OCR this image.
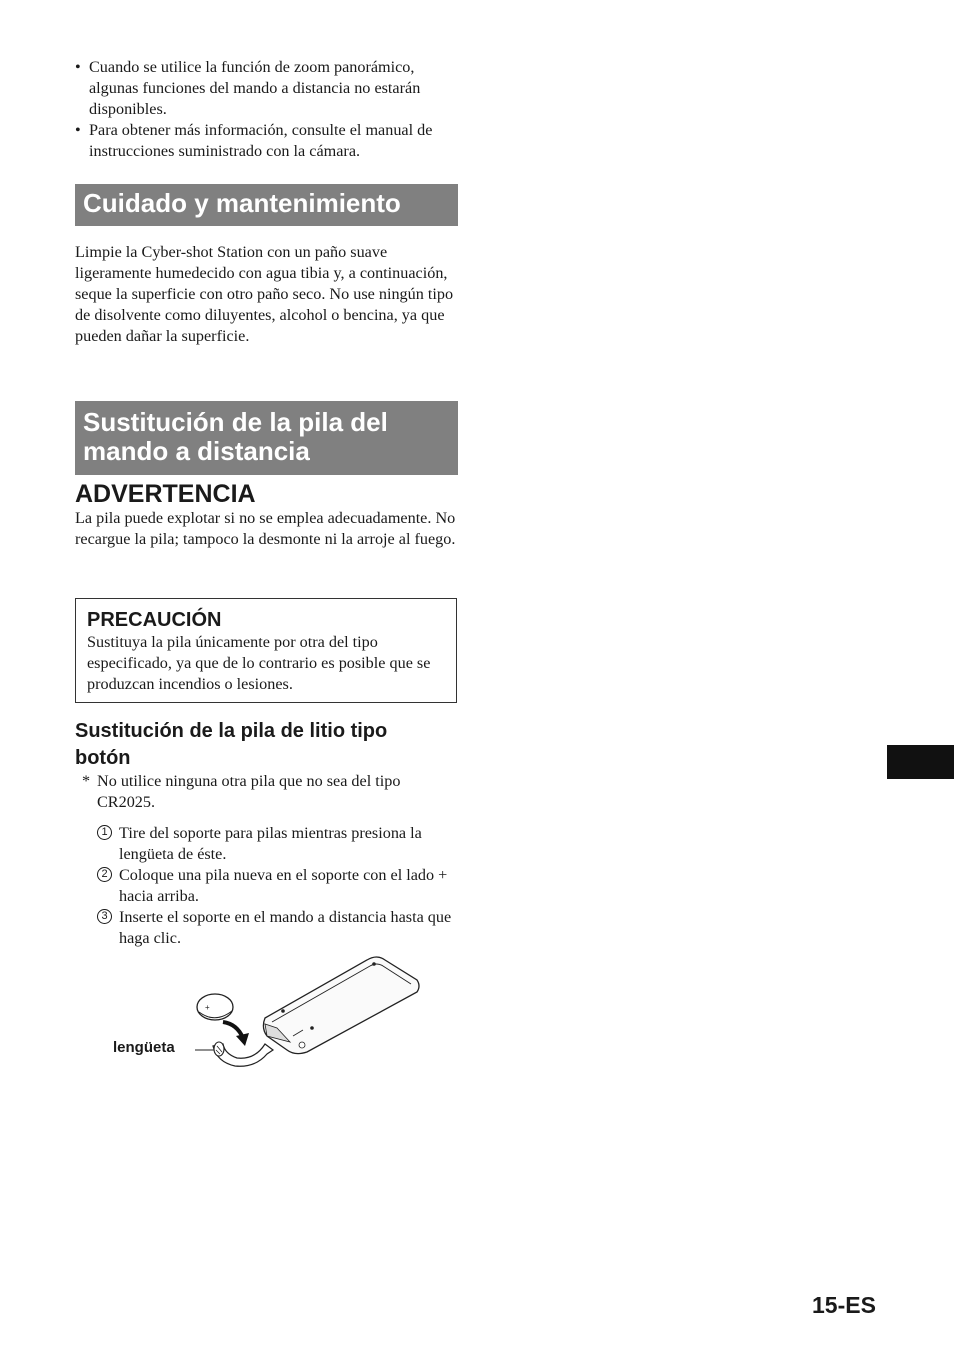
• Cuando se utilice la función de zoom panorámico, algunas funciones del mando a distancia no estarán disponibles.
• Para obtener más información, consulte el manual de instrucciones suministrado con la cámara.
Cuidado y mantenimiento

Limpie la Cyber-shot Station con un paño suave ligeramente humedecido con agua tibia y, a continuación, seque la superficie con otro paño seco. No use ningún tipo de disolvente como diluyentes, alcohol o bencina, ya que pueden dañar la superficie.

Sustitución de la pila del
mando a distancia
ADVERTENCIA

La pila puede explotar si no se emplea adecuadamente. No recargue la pila; tampoco la desmonte ni la arroje al fuego.

PRECAUCIÓN

Sustituya la pila únicamente por otra del tipo especificado, ya que de lo contrario es posible que se produzcan incendios o lesiones.

Sustitución de la pila de litio tipo
botón
* No utilice ninguna otra pila que no sea del tipo CR2025.

1 Tire del soporte para pilas mientras presiona la lengüeta de éste.
2 Coloque una pila nueva en el soporte con el lado + hacia arriba.
3 Inserte el soporte en el mando a distancia hasta que haga clic.
lengüeta
+
15-ES
